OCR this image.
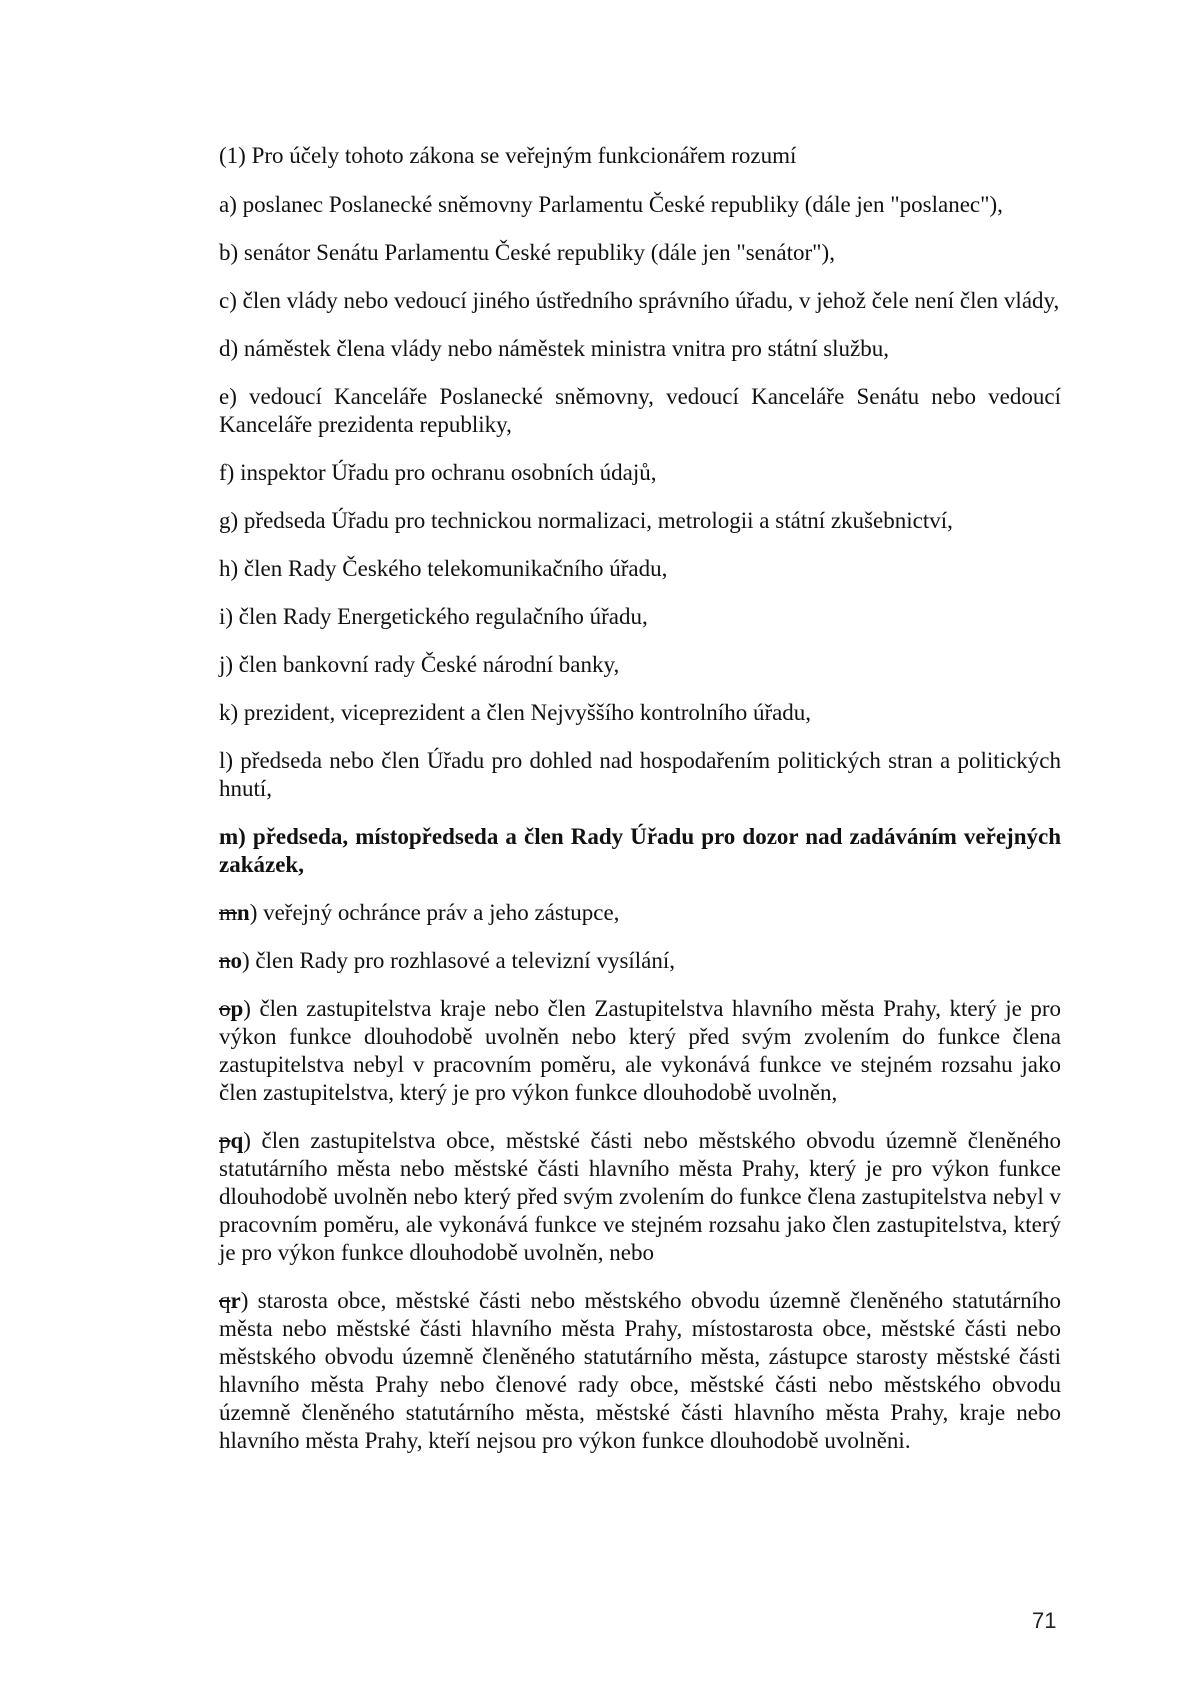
(1) Pro účely tohoto zákona se veřejným funkcionářem rozumí

a) poslanec Poslanecké sněmovny Parlamentu České republiky (dále jen "poslanec"),

b) senátor Senátu Parlamentu České republiky (dále jen "senátor"),

c) člen vlády nebo vedoucí jiného ústředního správního úřadu, v jehož čele není člen vlády,

d) náměstek člena vlády nebo náměstek ministra vnitra pro státní službu,

e) vedoucí Kanceláře Poslanecké sněmovny, vedoucí Kanceláře Senátu nebo vedoucí Kanceláře prezidenta republiky,

f) inspektor Úřadu pro ochranu osobních údajů,

g) předseda Úřadu pro technickou normalizaci, metrologii a státní zkušebnictví,

h) člen Rady Českého telekomunikačního úřadu,

i) člen Rady Energetického regulačního úřadu,

j) člen bankovní rady České národní banky,

k) prezident, viceprezident a člen Nejvyššího kontrolního úřadu,

l) předseda nebo člen Úřadu pro dohled nad hospodařením politických stran a politických hnutí,

m) předseda, místopředseda a člen Rady Úřadu pro dozor nad zadáváním veřejných zakázek,

mn) veřejný ochránce práv a jeho zástupce,

no) člen Rady pro rozhlasové a televizní vysílání,

op) člen zastupitelstva kraje nebo člen Zastupitelstva hlavního města Prahy, který je pro výkon funkce dlouhodobě uvolněn nebo který před svým zvolením do funkce člena zastupitelstva nebyl v pracovním poměru, ale vykonává funkce ve stejném rozsahu jako člen zastupitelstva, který je pro výkon funkce dlouhodobě uvolněn,

pq) člen zastupitelstva obce, městské části nebo městského obvodu územně členěného statutárního města nebo městské části hlavního města Prahy, který je pro výkon funkce dlouhodobě uvolněn nebo který před svým zvolením do funkce člena zastupitelstva nebyl v pracovním poměru, ale vykonává funkce ve stejném rozsahu jako člen zastupitelstva, který je pro výkon funkce dlouhodobě uvolněn, nebo

qr) starosta obce, městské části nebo městského obvodu územně členěného statutárního města nebo městské části hlavního města Prahy, místostarosta obce, městské části nebo městského obvodu územně členěného statutárního města, zástupce starosty městské části hlavního města Prahy nebo členové rady obce, městské části nebo městského obvodu územně členěného statutárního města, městské části hlavního města Prahy, kraje nebo hlavního města Prahy, kteří nejsou pro výkon funkce dlouhodobě uvolněni.

71
